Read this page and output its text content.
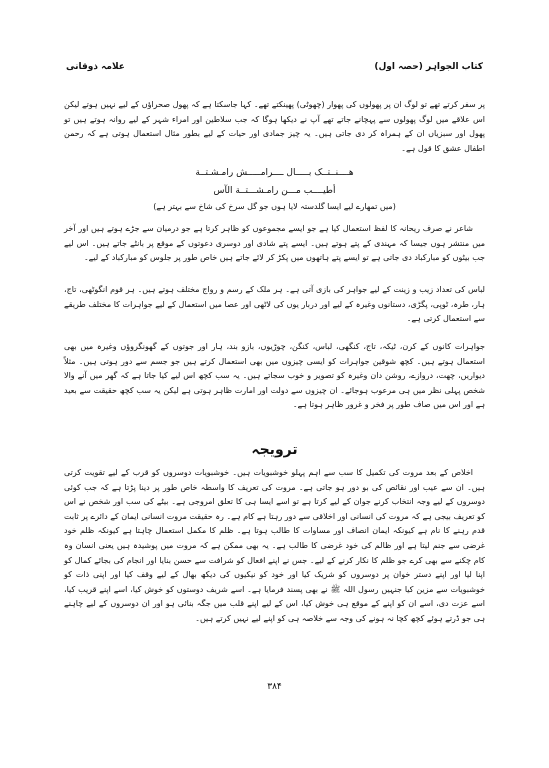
کتاب الجواہر (حصہ اول)
علامہ ذوقانی

پر سفر کرتے تھے تو لوگ ان پر پھولوں کی پھوار (چھوٹی) پھینکتے تھے۔ کہا جاسکتا ہے کہ پھول صحراؤں کے لیے نہیں ہوتے لیکن اس علاقے میں لوگ پھولوں سے پہچانے جاتے تھے آپ نے دیکھا ہوگا کہ جب سلاطین اور امراء شہر کے لیے روانہ ہوتے ہیں تو پھول اور سبزیاں ان کے ہمراہ کر دی جاتی ہیں۔ یہ چیز جمادی اور حیات کے لیے بطور مثال استعمال ہوتی ہے کہ رحمن اطفال عشق کا قول ہے۔

ھــــنــتــک بـــــال ــــرامـــــش رامـشـتــة
أطیــــب مـــن رامـشـــتــة الآس
(میں تمھارے لیے ایسا گلدستہ لایا ہوں جو گل سرخ کی شاخ سے بہتر ہے)

شاعر نے صرف ریحانہ کا لفظ استعمال کیا ہے جو ایسے مجموعوں کو ظاہر کرتا ہے جو درمیان سے جڑے ہوتے ہیں اور آخر میں منتشر ہوں جیسا کہ مہندی کے پتے ہوتے ہیں۔ ایسے پتے شادی اور دوسری دعوتوں کے موقع پر بانٹے جاتے ہیں۔ اس لیے جب بیٹوں کو مبارکباد دی جاتی ہے تو ایسے پتے ہاتھوں میں پکڑ کر لائے جاتے ہیں خاص طور پر جلوس کو مبارکباد کے لیے۔

لباس کی تعداد زیب و زینت کے لیے جواہر کی بازی آتی ہے۔ ہر ملک کے رسم و رواج مختلف ہوتے ہیں۔ ہر قوم انگوٹھی، تاج، ہار، طرہ، ٹوپی، پگڑی، دستانوں وغیرہ کے لیے اور دربار یوں کی لاٹھی اور عصا میں استعمال کے لیے جواہرات کا مختلف طریقے سے استعمال کرتی ہے۔

جواہرات کانوں کے کرن، ٹیکہ، تاج، کنگھی، لباس، کنگن، چوڑیوں، بازو بند، ہار اور جوتوں کے گھونگروؤں وغیرہ میں بھی استعمال ہوتے ہیں۔ کچھ شوقین جواہرات کو ایسی چیزوں میں بھی استعمال کرتے ہیں جو جسم سے دور ہوتی ہیں۔ مثلاً دیواریں، چھت، دروازے، روشن دان وغیرہ کو تصویر و خوب سجاتے ہیں۔ یہ سب کچھ اس لیے کیا جاتا ہے کہ گھر میں آنے والا شخص پہلی نظر میں ہی مرعوب ہوجائے۔ ان چیزوں سے دولت اور امارت ظاہر ہوتی ہے لیکن یہ سب کچھ حقیقت سے بعید ہے اور اس میں صاف طور پر فخر و غرور ظاہر ہوتا ہے۔

ترویجہ

اخلاص کے بعد مروت کی تکمیل کا سب سے اہم پہلو خوشبویات ہیں۔ خوشبویات دوسروں کو قرب کے لیے تقویت کرتی ہیں۔ ان سے عیب اور نقائص کی بو دور ہو جاتی ہے۔ مروت کی تعریف کا واسطہ خاص طور پر دینا پڑتا ہے کہ جب کوئی دوسروں کے لیے وجہ انتخاب کرنے جوان کے لیے کرتا ہے تو اسے ایسا ہی کا تعلق امروجی ہے۔ بیٹے کی سب اور شخص نے اس کو تعریف بیجی ہے کہ مروت کی انسانی اور اخلاقی سے دور رہتا ہے کام ہے۔ رہ حقیقت مروت انسانی ایمان کے دائرے پر ثابت قدم رہنے کا نام ہے کیونکہ ایمان انصاف اور مساوات کا طالب ہوتا ہے۔ ظلم کا مکمل استعمال چاہتا ہے کیونکہ ظلم خود غرضی سے جنم لیتا ہے اور ظالم کی خود غرضی کا طالب ہے۔ یہ بھی ممکن ہے کہ مروت میں پوشیدہ ہیں یعنی انسان وہ کام چکنے سے بھی کرے جو ظلم کا نکار کرنے کے لیے۔ جس نے اپنے افعال کو شرافت سے حسن بنایا اور انجام کی بجائے کمال کو اپنا لیا اور اپنے دستر خوان پر دوسروں کو شریک کیا اور خود کو نیکیوں کی دیکھ بھال کے لیے وقف کیا اور اپنی ذات کو خوشبویات سے مزین کیا جنہیں رسول اللہ ﷺ نے بھی پسند فرمایا ہے۔ اسے شریف دوستوں کو خوش کیا، اسے اپنے قریب کیا، اسے عزت دی، اسے ان کو اپنے کے موقع ہی خوش کیا، اس کے لیے اپنے قلب میں جگہ بنائی ہو اور ان دوسروں کے لیے چاہنے ہی جو ڈرتے ہوئے کچھ کچا نہ ہونے کی وجہ سے خلاصہ ہی کو اپنے لیے نہیں کرتے ہیں۔

۳۸۴
